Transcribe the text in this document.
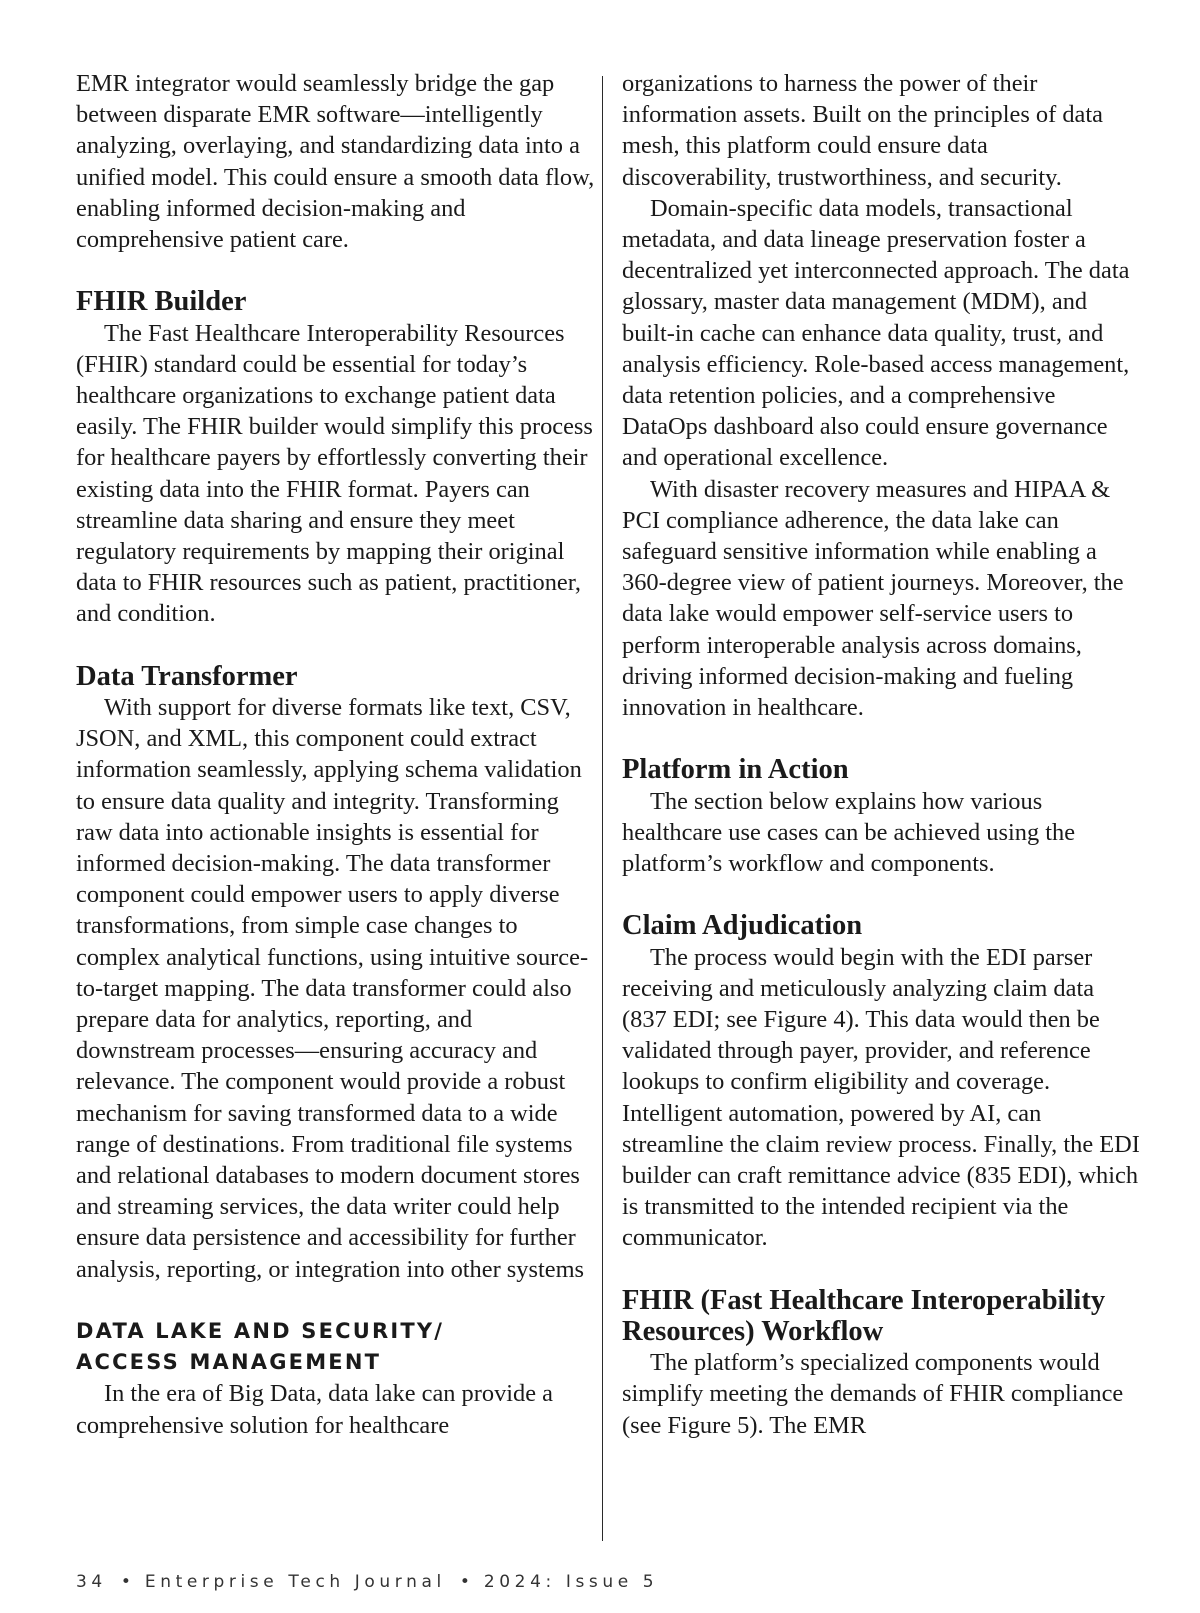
EMR integrator would seamlessly bridge the gap between disparate EMR software—intelligently analyzing, overlaying, and standardizing data into a unified model. This could ensure a smooth data flow, enabling informed decision-making and comprehensive patient care.

FHIR Builder

The Fast Healthcare Interoperability Resources (FHIR) standard could be essential for today’s healthcare organizations to exchange patient data easily. The FHIR builder would simplify this process for healthcare payers by effortlessly converting their existing data into the FHIR format. Payers can streamline data sharing and ensure they meet regulatory requirements by mapping their original data to FHIR resources such as patient, practitioner, and condition.

Data Transformer

With support for diverse formats like text, CSV, JSON, and XML, this component could extract information seamlessly, applying schema validation to ensure data quality and integrity. Transforming raw data into actionable insights is essential for informed decision-making. The data transformer component could empower users to apply diverse transformations, from simple case changes to complex analytical functions, using intuitive source-to-target mapping. The data transformer could also prepare data for analytics, reporting, and downstream processes—ensuring accuracy and relevance. The component would provide a robust mechanism for saving transformed data to a wide range of destinations. From traditional file systems and relational databases to modern document stores and streaming services, the data writer could help ensure data persistence and accessibility for further analysis, reporting, or integration into other systems

DATA LAKE AND SECURITY/
ACCESS MANAGEMENT

In the era of Big Data, data lake can provide a comprehensive solution for healthcare

organizations to harness the power of their information assets. Built on the principles of data mesh, this platform could ensure data discoverability, trustworthiness, and security.

Domain-specific data models, transactional metadata, and data lineage preservation foster a decentralized yet interconnected approach. The data glossary, master data management (MDM), and built-in cache can enhance data quality, trust, and analysis efficiency. Role-based access management, data retention policies, and a comprehensive DataOps dashboard also could ensure governance and operational excellence.

With disaster recovery measures and HIPAA & PCI compliance adherence, the data lake can safeguard sensitive information while enabling a 360-degree view of patient journeys. Moreover, the data lake would empower self-service users to perform interoperable analysis across domains, driving informed decision-making and fueling innovation in healthcare.

Platform in Action

The section below explains how various healthcare use cases can be achieved using the platform’s workflow and components.

Claim Adjudication

The process would begin with the EDI parser receiving and meticulously analyzing claim data (837 EDI; see Figure 4). This data would then be validated through payer, provider, and reference lookups to confirm eligibility and coverage. Intelligent automation, powered by AI, can streamline the claim review process. Finally, the EDI builder can craft remittance advice (835 EDI), which is transmitted to the intended recipient via the communicator.

FHIR (Fast Healthcare Interoperability
Resources) Workflow

The platform’s specialized components would simplify meeting the demands of FHIR compliance (see Figure 5). The EMR

34 • Enterprise Tech Journal • 2024: Issue 5
